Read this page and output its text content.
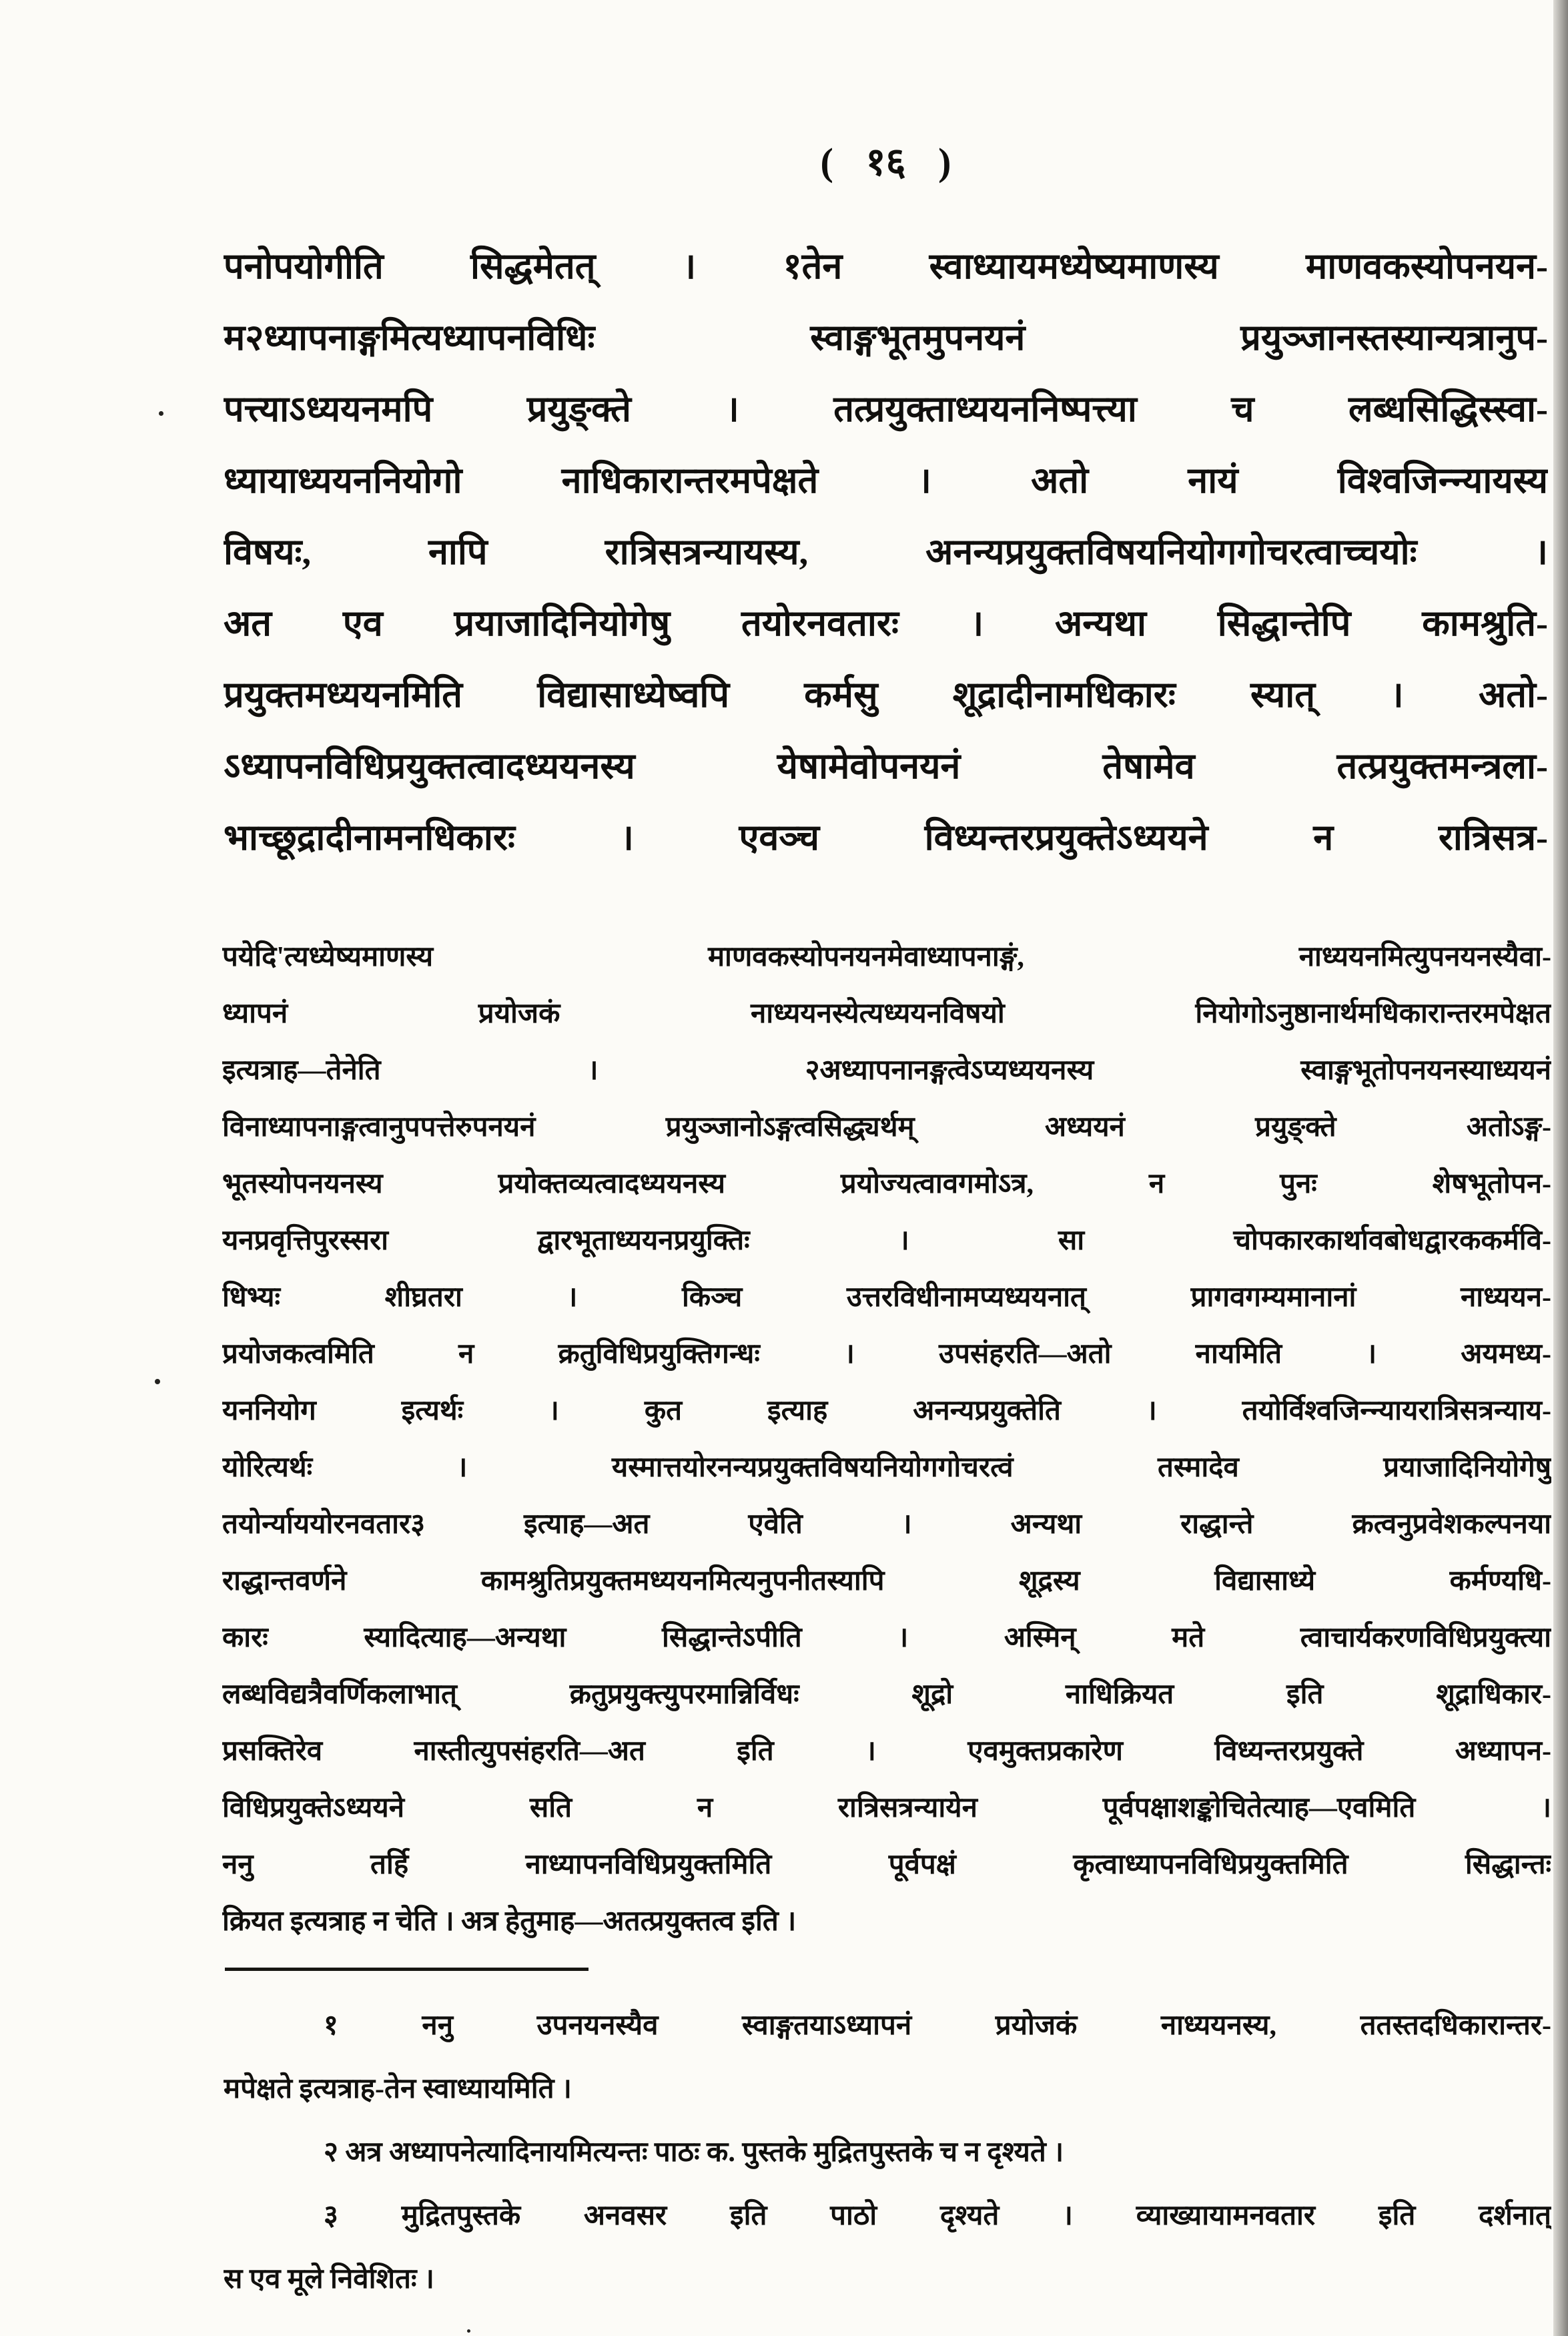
( १६ )
पनोपयोगीति सिद्धमेतत् । १तेन स्वाध्यायमध्येष्यमाणस्य माणवकस्योपनयन-
म२ध्यापनाङ्गमित्यध्यापनविधिः स्वाङ्गभूतमुपनयनं प्रयुञ्जानस्तस्यान्यत्रानुप-
पत्त्याऽध्ययनमपि प्रयुङ्क्ते । तत्प्रयुक्ताध्ययननिष्पत्त्या च लब्धसिद्धिस्स्वा-
ध्यायाध्ययननियोगो नाधिकारान्तरमपेक्षते । अतो नायं विश्वजिन्न्यायस्य
विषयः, नापि रात्रिसत्रन्यायस्य, अनन्यप्रयुक्तविषयनियोगगोचरत्वाच्चयोः ।
अत एव प्रयाजादिनियोगेषु तयोरनवतारः । अन्यथा सिद्धान्तेपि कामश्रुति-
प्रयुक्तमध्ययनमिति विद्यासाध्येष्वपि कर्मसु शूद्रादीनामधिकारः स्यात् । अतो-
ऽध्यापनविधिप्रयुक्तत्वादध्ययनस्य येषामेवोपनयनं तेषामेव तत्प्रयुक्तमन्त्रला-
भाच्छूद्रादीनामनधिकारः । एवञ्च विध्यन्तरप्रयुक्तेऽध्ययने न रात्रिसत्र-
पयेदि'त्यध्येष्यमाणस्य माणवकस्योपनयनमेवाध्यापनाङ्गं, नाध्ययनमित्युपनयनस्यैवा-
ध्यापनं प्रयोजकं नाध्ययनस्येत्यध्ययनविषयो नियोगोऽनुष्ठानार्थमधिकारान्तरमपेक्षत
इत्यत्राह—तेनेति । २अध्यापनानङ्गत्वेऽप्यध्ययनस्य स्वाङ्गभूतोपनयनस्याध्ययनं
विनाध्यापनाङ्गत्वानुपपत्तेरुपनयनं प्रयुञ्जानोऽङ्गत्वसिद्ध्यर्थम् अध्ययनं प्रयुङ्क्ते अतोऽङ्ग-
भूतस्योपनयनस्य प्रयोक्तव्यत्वादध्ययनस्य प्रयोज्यत्वावगमोऽत्र, न पुनः शेषभूतोपन-
यनप्रवृत्तिपुरस्सरा द्वारभूताध्ययनप्रयुक्तिः । सा चोपकारकार्थावबोधद्वारककर्मवि-
धिभ्यः शीघ्रतरा । किञ्च उत्तरविधीनामप्यध्ययनात् प्रागवगम्यमानानां नाध्ययन-
प्रयोजकत्वमिति न क्रतुविधिप्रयुक्तिगन्धः । उपसंहरति—अतो नायमिति । अयमध्य-
यननियोग इत्यर्थः । कुत इत्याह अनन्यप्रयुक्तेति । तयोर्विश्वजिन्न्यायरात्रिसत्रन्याय-
योरित्यर्थः । यस्मात्तयोरनन्यप्रयुक्तविषयनियोगगोचरत्वं तस्मादेव प्रयाजादिनियोगेषु
तयोर्न्याययोरनवतार३ इत्याह—अत एवेति । अन्यथा राद्धान्ते क्रत्वनुप्रवेशकल्पनया
राद्धान्तवर्णने कामश्रुतिप्रयुक्तमध्ययनमित्यनुपनीतस्यापि शूद्रस्य विद्यासाध्ये कर्मण्यधि-
कारः स्यादित्याह—अन्यथा सिद्धान्तेऽपीति । अस्मिन् मते त्वाचार्यकरणविधिप्रयुक्त्या
लब्धविद्यत्रैवर्णिकलाभात् क्रतुप्रयुक्त्युपरमान्निर्विधः शूद्रो नाधिक्रियत इति शूद्राधिकार-
प्रसक्तिरेव नास्तीत्युपसंहरति—अत इति । एवमुक्तप्रकारेण विध्यन्तरप्रयुक्ते अध्यापन-
विधिप्रयुक्तेऽध्ययने सति न रात्रिसत्रन्यायेन पूर्वपक्षाशङ्कोचितेत्याह—एवमिति ।
ननु तर्हि नाध्यापनविधिप्रयुक्तमिति पूर्वपक्षं कृत्वाध्यापनविधिप्रयुक्तमिति सिद्धान्तः
क्रियत इत्यत्राह न चेति । अत्र हेतुमाह—अतत्प्रयुक्तत्व इति ।
१ ननु उपनयनस्यैव स्वाङ्गतयाऽध्यापनं प्रयोजकं नाध्ययनस्य, ततस्तदधिकारान्तर-
मपेक्षते इत्यत्राह-तेन स्वाध्यायमिति ।
२ अत्र अध्यापनेत्यादिनायमित्यन्तः पाठः क. पुस्तके मुद्रितपुस्तके च न दृश्यते ।
३ मुद्रितपुस्तके अनवसर इति पाठो दृश्यते । व्याख्यायामनवतार इति दर्शनात्
स एव मूले निवेशितः ।
